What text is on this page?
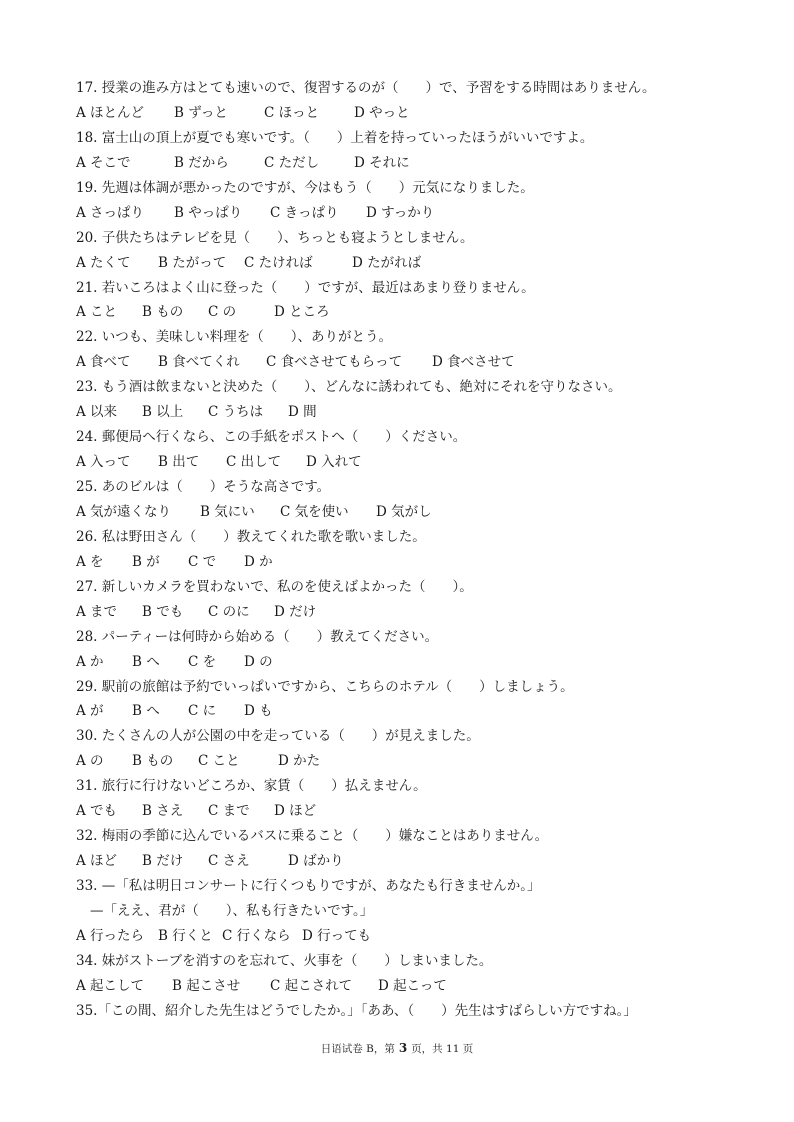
17. 授業の進み方はとても速いので、復習するのが（　　）で、予習をする時間はありません。
A ほとんど	B ずっと	C ほっと	D やっと
18. 富士山の頂上が夏でも寒いです。（　　）上着を持っていったほうがいいですよ。
A そこで	B だから	C ただし	D それに
19. 先週は体調が悪かったのですが、今はもう（　　）元気になりました。
A さっぱり	B やっぱり	C きっぱり	D すっかり
20. 子供たちはテレビを見（　　）、ちっとも寝ようとしません。
A たくて	B たがって	C たければ	D たがれば
21. 若いころはよく山に登った（　　）ですが、最近はあまり登りません。
A こと	B もの	C の	D ところ
22. いつも、美味しい料理を（　　）、ありがとう。
A 食べて	B 食べてくれ	C 食べさせてもらって	D 食べさせて
23. もう酒は飲まないと決めた（　　）、どんなに誘われても、絶対にそれを守りなさい。
A 以来	B 以上	C うちは	D 間
24. 郵便局へ行くなら、この手紙をポストへ（　　）ください。
A 入って	B 出て	C 出して	D 入れて
25. あのビルは（　　）そうな高さです。
A 気が遠くなり	B 気にい	C 気を使い	D 気がし
26. 私は野田さん（　　）教えてくれた歌を歌いました。
A を	B が	C で	D か
27. 新しいカメラを買わないで、私のを使えばよかった（　　）。
A まで	B でも	C のに	D だけ
28. パーティーは何時から始める（　　）教えてください。
A か	B へ	C を	D の
29. 駅前の旅館は予約でいっぱいですから、こちらのホテル（　　）しましょう。
A が	B へ	C に	D も
30. たくさんの人が公園の中を走っている（　　）が見えました。
A の	B もの	C こと	D かた
31. 旅行に行けないどころか、家賃（　　）払えません。
A でも	B さえ	C まで	D ほど
32. 梅雨の季節に込んでいるバスに乗ること（　　）嫌なことはありません。
A ほど	B だけ	C さえ	D ばかり
33. —「私は明日コンサートに行くつもりですが、あなたも行きませんか。」
—「ええ、君が（　　）、私も行きたいです。」
A 行ったら	B 行くと C 行くなら D 行っても
34. 妹がストーブを消すのを忘れて、火事を（　　）しまいました。
A 起こして	B 起こさせ	C 起こされて	D 起こって
35.「この間、紹介した先生はどうでしたか。」「ああ、（　　）先生はすばらしい方ですね。」
日语试卷 B，第 3 页，共 11 页
